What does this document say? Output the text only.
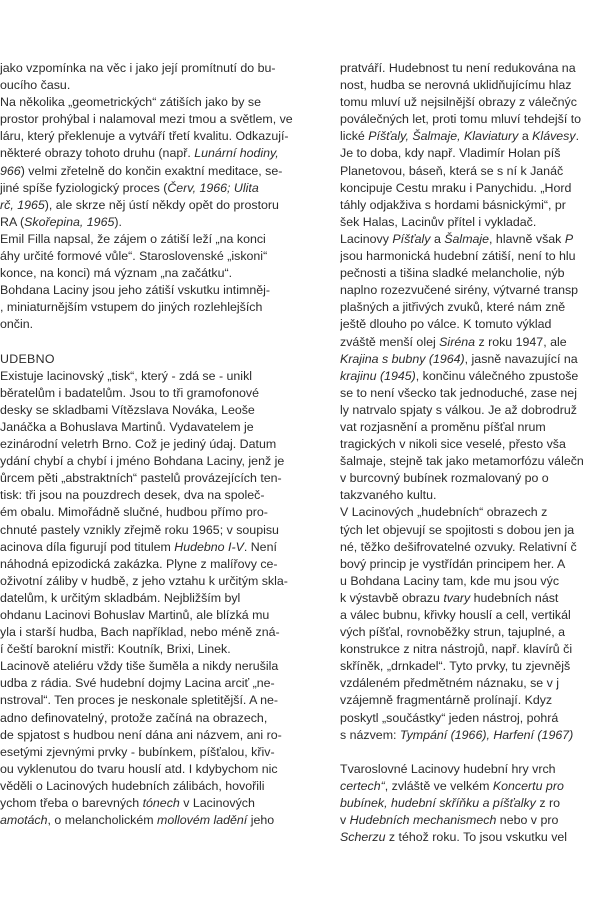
jako vzpomínka na věc i jako její promítnutí do bu-
oucího času.
Na několika „geometrických“ zátiších jako by se
prostor prohýbal i nalamoval mezi tmou a světlem, ve
láru, který překlenuje a vytváří třetí kvalitu. Odkazují-
některé obrazy tohoto druhu (např. Lunární hodiny,
966) velmi zřetelně do končin exaktní meditace, se-
jiné spíše fyziologický proces (Červ, 1966; Ulita
rč, 1965), ale skrze něj ústí někdy opět do prostoru
RA (Skořepina, 1965).
Emil Filla napsal, že zájem o zátiší leží „na konci
áhy určité formové vůle“. Staroslovenské „iskoni“
konce, na konci) má význam „na začátku“.
Bohdana Laciny jsou jeho zátiší vskutku intimněj-
, miniaturnějším vstupem do jiných rozlehlejších
ončin.
UDEBNO
Existuje lacinovský „tisk“, který - zdá se - unikl
běratelům i badatelům. Jsou to tři gramofonové
desky se skladbami Vítězslava Nováka, Leoše
Janáčka a Bohuslava Martinů. Vydavatelem je
ezinárodní veletrh Brno. Což je jediný údaj. Datum
ydání chybí a chybí i jméno Bohdana Laciny, jenž je
ůrcem pěti „abstraktních“ pastelů provázejících ten-
tisk: tři jsou na pouzdrech desek, dva na společ-
ém obalu. Mimořádně slučné, hudbou přímo pro-
chnuté pastely vznikly zřejmě roku 1965; v soupisu
acinova díla figurují pod titulem Hudebno I-V. Není
náhodná epizodická zakázka. Plyne z malířovy ce-
oživotní záliby v hudbě, z jeho vztahu k určitým skla-
datelům, k určitým skladbám. Nejbližším byl
ohdanu Lacinovi Bohuslav Martinů, ale blízká mu
yla i starší hudba, Bach například, nebo méně zná-
í čeští barokní mistři: Koutník, Brixi, Linek.
Lacinově ateliéru vždy tiše šuměla a nikdy nerušila
udba z rádia. Své hudební dojmy Lacina arciť „ne-
nstroval“. Ten proces je neskonale spletitější. A ne-
adno definovatelný, protože začíná na obrazech,
de spjatost s hudbou není dána ani názvem, ani ro-
esetými zjevnými prvky - bubínkem, píšťalou, křiv-
ou vyklenutou do tvaru houslí atd. I kdybychom nic
věděli o Lacinových hudebních zálibách, hovořili
ychom třeba o barevných tónech v Lacinových
amotách, o melancholickém mollovém ladění jeho
pratváří. Hudebnost tu není redukována na
nost, hudba se nerovná uklidňujícímu hlaz
tomu mluví už nejsilnější obrazy z válečnýc
poválečných let, proti tomu mluví tehdejší to
lické Píšťaly, Šalmaje, Klaviatury a Klávesy.
Je to doba, kdy např. Vladimír Holan píš
Planetovou, báseň, která se s ní k Janáč
koncipuje Cestu mraku i Panychidu. „Hord
táhly odjakživa s hordami básnickými“, pr
šek Halas, Lacinův přítel i vykladač.
Lacinovy Píšťaly a Šalmaje, hlavně však P
jsou harmonická hudební zátiší, není to hlu
pečnosti a tišina sladké melancholie, nýb
naplno rozezvučené sirény, výtvarné transp
plašných a jitřivých zvuků, které nám zně
ještě dlouho po válce. K tomuto výklad
zváště menší olej Siréna z roku 1947, ale
Krajina s bubny (1964), jasně navazující na
krajinu (1945), končinu válečného zpustoše
se to není všecko tak jednoduché, zase nej
ly natrvalo spjaty s válkou. Je až dobrodruž
vat rozjasnění a proměnu píšťal nrum
tragických v nikoli sice veselé, přesto vša
šalmaje, stejně tak jako metamorfózu válečn
v burcovný bubínek rozmalovaný po o
takzvaného kultu.
V Lacinových „hudebních“ obrazech z
tých let objevují se spojitosti s dobou jen ja
né, těžko dešifrovatelné ozvuky. Relativní č
bový princip je vystřídán principem her. A
u Bohdana Laciny tam, kde mu jsou výc
k výstavbě obrazu tvary hudebních nást
a válec bubnu, křivky houslí a cell, vertikál
vých píšťal, rovnoběžky strun, tajuplné, a
konstrukce z nitra nástrojů, např. klavírů či
skříněk, „drnkadel“. Tyto prvky, tu zjevnějš
vzdáleném předmětném náznaku, se v j
vzájemně fragmentárně prolínají. Kdyz
poskytl „součástky“ jeden nástroj, pohrá
s názvem: Tympání (1966), Harfení (1967)
Tvaroslovné Lacinovy hudební hry vrch
certech“, zvláště ve velkém Koncertu pro
bubínek, hudební skříňku a píšťalky z ro
v Hudebních mechanismech nebo v pro
Scherzu z téhož roku. To jsou vskutku vel
